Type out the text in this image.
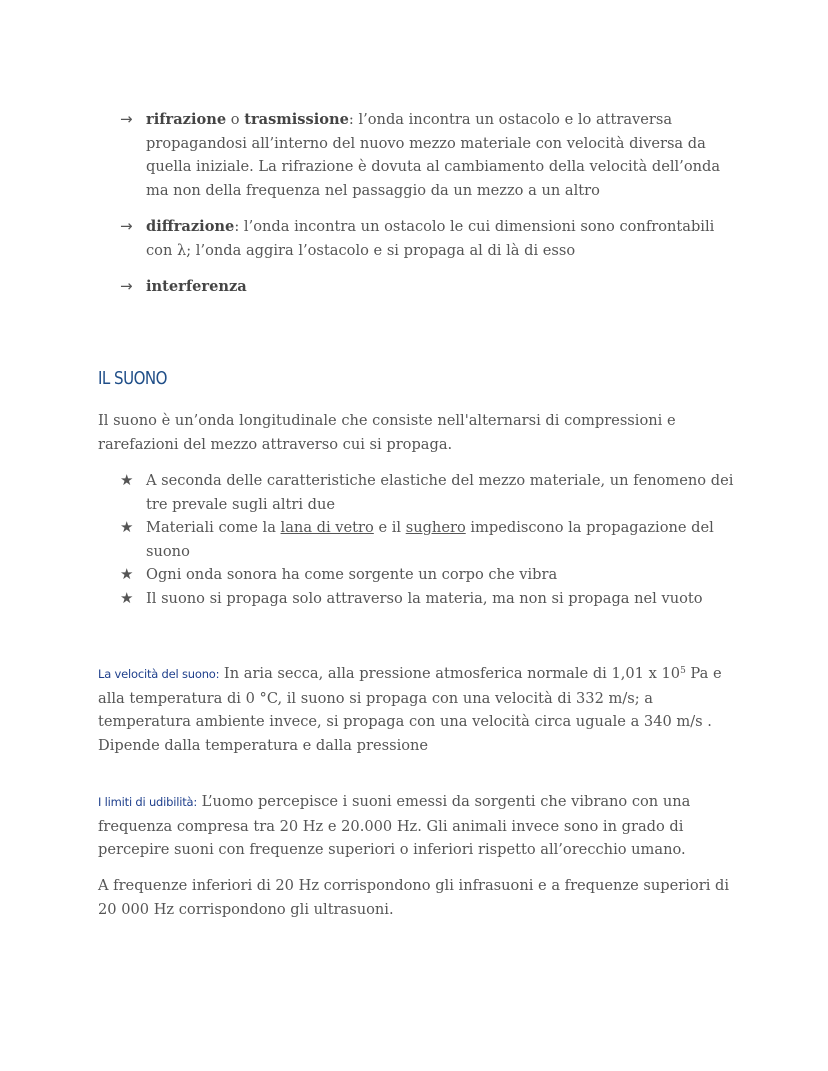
→ rifrazione o trasmissione: l’onda incontra un ostacolo e lo attraversa propagandosi all’interno del nuovo mezzo materiale con velocità diversa da quella iniziale. La rifrazione è dovuta al cambiamento della velocità dell’onda ma non della frequenza nel passaggio da un mezzo a un altro
→ diffrazione: l’onda incontra un ostacolo le cui dimensioni sono confrontabili con λ; l’onda aggira l’ostacolo e si propaga al di là di esso
→ interferenza
IL SUONO

Il suono è un’onda longitudinale che consiste nell'alternarsi di compressioni e rarefazioni del mezzo attraverso cui si propaga.

★ A seconda delle caratteristiche elastiche del mezzo materiale, un fenomeno dei tre prevale sugli altri due
★ Materiali come la lana di vetro e il sughero impediscono la propagazione del suono
★ Ogni onda sonora ha come sorgente un corpo che vibra
★ Il suono si propaga solo attraverso la materia, ma non si propaga nel vuoto

La velocità del suono: In aria secca, alla pressione atmosferica normale di 1,01 x $10^5$ Pa e alla temperatura di 0 °C, il suono si propaga con una velocità di 332 m/s; a temperatura ambiente invece, si propaga con una velocità circa uguale a 340 m/s . Dipende dalla temperatura e dalla pressione

I limiti di udibilità: L’uomo percepisce i suoni emessi da sorgenti che vibrano con una frequenza compresa tra 20 Hz e 20.000 Hz. Gli animali invece sono in grado di percepire suoni con frequenze superiori o inferiori rispetto all’orecchio umano.

A frequenze inferiori di 20 Hz corrispondono gli infrasuoni e a frequenze superiori di 20 000 Hz corrispondono gli ultrasuoni.
